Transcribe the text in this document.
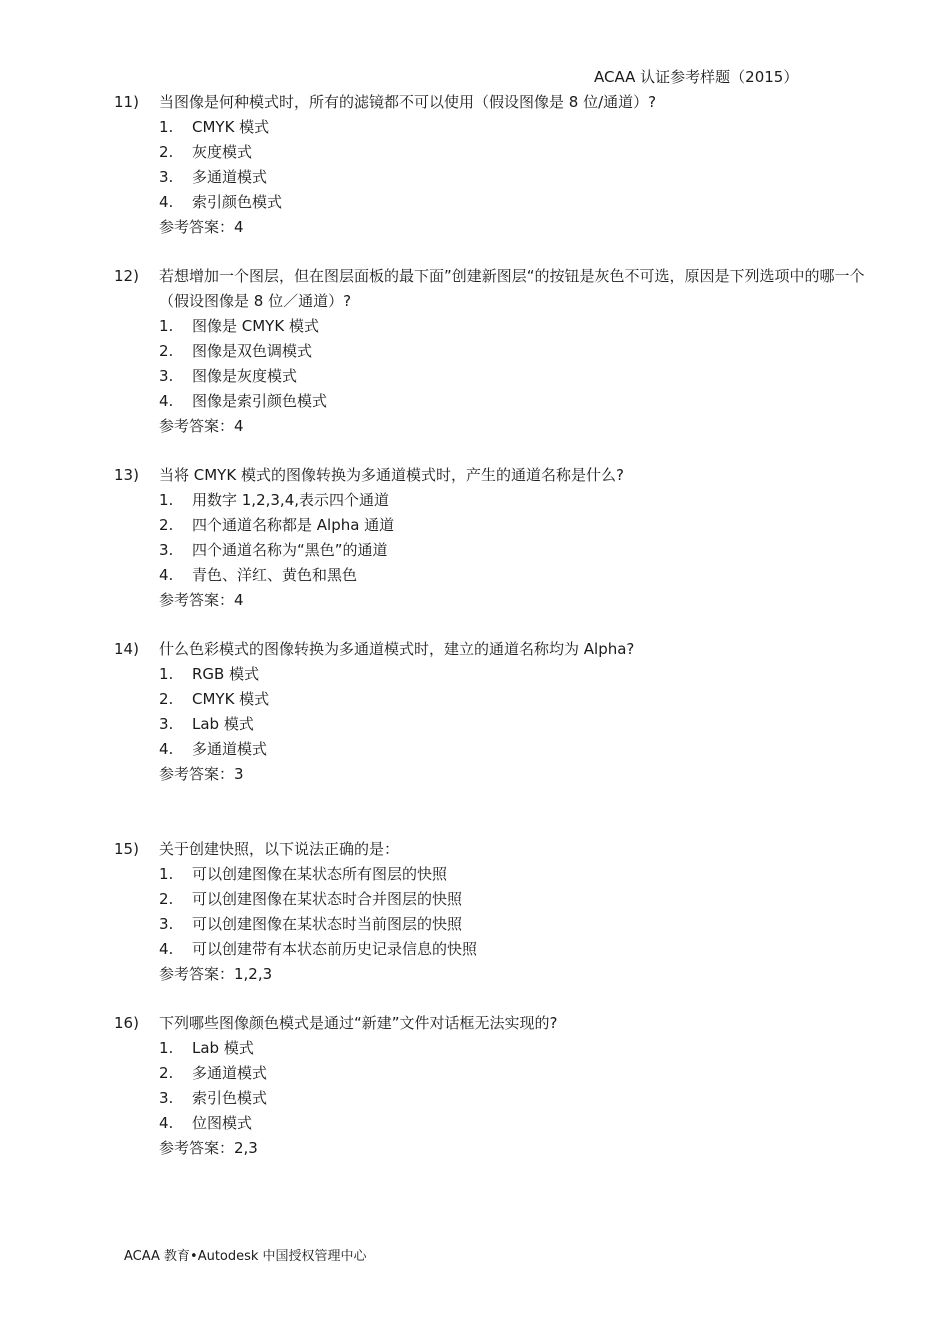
ACAA 认证参考样题（2015）
11) 当图像是何种模式时，所有的滤镜都不可以使用（假设图像是 8 位/通道）?
1. CMYK 模式
2. 灰度模式
3. 多通道模式
4. 索引颜色模式
参考答案：4
12) 若想增加一个图层，但在图层面板的最下面”创建新图层“的按钮是灰色不可选，原因是下列选项中的哪一个（假设图像是 8 位／通道）?
1. 图像是 CMYK 模式
2. 图像是双色调模式
3. 图像是灰度模式
4. 图像是索引颜色模式
参考答案：4
13) 当将 CMYK 模式的图像转换为多通道模式时，产生的通道名称是什么?
1. 用数字 1,2,3,4,表示四个通道
2. 四个通道名称都是 Alpha 通道
3. 四个通道名称为“黑色”的通道
4. 青色、洋红、黄色和黑色
参考答案：4
14) 什么色彩模式的图像转换为多通道模式时，建立的通道名称均为 Alpha?
1. RGB 模式
2. CMYK 模式
3. Lab 模式
4. 多通道模式
参考答案：3
15) 关于创建快照，以下说法正确的是：
1. 可以创建图像在某状态所有图层的快照
2. 可以创建图像在某状态时合并图层的快照
3. 可以创建图像在某状态时当前图层的快照
4. 可以创建带有本状态前历史记录信息的快照
参考答案：1,2,3
16) 下列哪些图像颜色模式是通过“新建”文件对话框无法实现的?
1. Lab 模式
2. 多通道模式
3. 索引色模式
4. 位图模式
参考答案：2,3
ACAA 教育•Autodesk 中国授权管理中心
